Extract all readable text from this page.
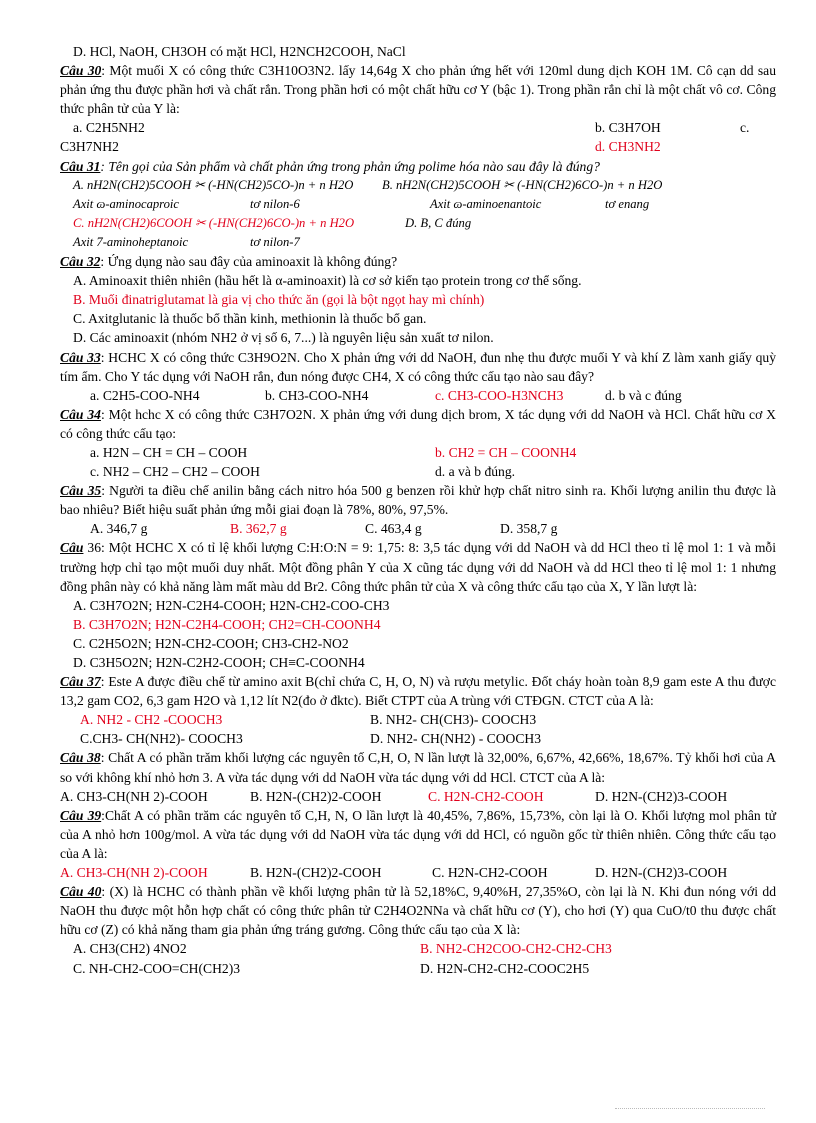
D. HCl, NaOH, CH3OH có mặt HCl, H2NCH2COOH, NaCl
Câu 30: Một muối X có công thức C3H10O3N2. lấy 14,64g X cho phản ứng hết với 120ml dung dịch KOH 1M. Cô cạn dd sau phản ứng thu được phần hơi và chất rắn. Trong phần hơi có một chất hữu cơ Y (bậc 1). Trong phần rắn chỉ là một chất vô cơ. Công thức phân tử của Y là:
a. C2H5NH2	b. C3H7OH	c.
C3H7NH2	d. CH3NH2
Câu 31: Tên gọi của Sản phẩm và chất phản ứng trong phản ứng polime hóa nào sau đây là đúng?
A. nH2N(CH2)5COOH ✂ (-HN(CH2)5CO-)n + n H2O B. nH2N(CH2)5COOH ✂ (-HN(CH2)6CO-)n + n H2O
Axit ɷ-aminocaproic	tơ nilon-6	Axit ɷ-aminoenantoic	tơ enang
C. nH2N(CH2)6COOH ✂ (-HN(CH2)6CO-)n + n H2O	D. B, C đúng
Axit 7-aminoheptanoic	tơ nilon-7
Câu 32: Ứng dụng nào sau đây của aminoaxit là không đúng?
A. Aminoaxit thiên nhiên (hầu hết là α-aminoaxit) là cơ sở kiến tạo protein trong cơ thể sống.
B. Muối đinatriglutamat là gia vị cho thức ăn (gọi là bột ngọt hay mì chính)
C. Axitglutanic là thuốc bổ thần kinh, methionin là thuốc bổ gan.
D. Các aminoaxit (nhóm NH2 ở vị số 6, 7...) là nguyên liệu sản xuất tơ nilon.
Câu 33: HCHC X có công thức C3H9O2N. Cho X phản ứng với dd NaOH, đun nhẹ thu được muối Y và khí Z làm xanh giấy quỳ tím ẩm. Cho Y tác dụng với NaOH rắn, đun nóng được CH4, X có công thức cấu tạo nào sau đây?
a. C2H5-COO-NH4	b. CH3-COO-NH4	c. CH3-COO-H3NCH3	d. b và c đúng
Câu 34: Một hchc X có công thức C3H7O2N. X phản ứng với dung dịch brom, X tác dụng với dd NaOH và HCl. Chất hữu cơ X có công thức cấu tạo:
a. H2N – CH = CH – COOH	b. CH2 = CH – COONH4
c. NH2 – CH2 – CH2 – COOH	d. a và b đúng.
Câu 35: Người ta điều chế anilin bằng cách nitro hóa 500 g benzen rồi khử hợp chất nitro sinh ra. Khối lượng anilin thu được là bao nhiêu? Biết hiệu suất phản ứng mỗi giai đoạn là 78%, 80%, 97,5%.
A. 346,7 g	B. 362,7 g	C. 463,4 g	D. 358,7 g
Câu 36: Một HCHC X có tỉ lệ khối lượng C:H:O:N = 9: 1,75: 8: 3,5 tác dụng với dd NaOH và dd HCl theo tỉ lệ mol 1: 1 và mỗi trường hợp chỉ tạo một muối duy nhất. Một đồng phân Y của X cũng tác dụng với dd NaOH và dd HCl theo tỉ lệ mol 1: 1 nhưng đồng phân này có khả năng làm mất màu dd Br2. Công thức phân tử của X và công thức cấu tạo của X, Y lần lượt là:
A. C3H7O2N; H2N-C2H4-COOH; H2N-CH2-COO-CH3
B. C3H7O2N; H2N-C2H4-COOH; CH2=CH-COONH4
C. C2H5O2N; H2N-CH2-COOH; CH3-CH2-NO2
D. C3H5O2N; H2N-C2H2-COOH; CH≡C-COONH4
Câu 37: Este A được điều chế từ amino axit B(chỉ chứa C, H, O, N) và rượu metylic. Đốt cháy hoàn toàn 8,9 gam este A thu được 13,2 gam CO2, 6,3 gam H2O và 1,12 lít N2(đo ở đktc). Biết CTPT của A trùng với CTĐGN. CTCT của A là:
A. NH2 - CH2 -COOCH3	B. NH2- CH(CH3)- COOCH3
C.CH3- CH(NH2)- COOCH3	D. NH2- CH(NH2) - COOCH3
Câu 38: Chất A có phần trăm khối lượng các nguyên tố C,H, O, N lần lượt là 32,00%, 6,67%, 42,66%, 18,67%. Tỷ khối hơi của A so với không khí nhỏ hơn 3. A vừa tác dụng với dd NaOH vừa tác dụng với dd HCl. CTCT của A là:
A. CH3-CH(NH 2)-COOH	B. H2N-(CH2)2-COOH	C. H2N-CH2-COOH	D. H2N-(CH2)3-COOH
Câu 39:Chất A có phần trăm các nguyên tố C,H, N, O lần lượt là 40,45%, 7,86%, 15,73%, còn lại là O. Khối lượng mol phân tử của A nhỏ hơn 100g/mol. A vừa tác dụng với dd NaOH vừa tác dụng với dd HCl, có nguồn gốc từ thiên nhiên. Công thức cấu tạo của A là:
A. CH3-CH(NH 2)-COOH	B. H2N-(CH2)2-COOH	C. H2N-CH2-COOH	D. H2N-(CH2)3-COOH
Câu 40: (X) là HCHC có thành phần về khối lượng phân tử là 52,18%C, 9,40%H, 27,35%O, còn lại là N. Khi đun nóng với dd NaOH thu được một hỗn hợp chất có công thức phân tử C2H4O2NNa và chất hữu cơ (Y), cho hơi (Y) qua CuO/t0 thu được chất hữu cơ (Z) có khả năng tham gia phản ứng tráng gương. Công thức cấu tạo của X là:
A. CH3(CH2) 4NO2	B. NH2-CH2COO-CH2-CH2-CH3
C. NH-CH2-COO=CH(CH2)3	D. H2N-CH2-CH2-COOC2H5
